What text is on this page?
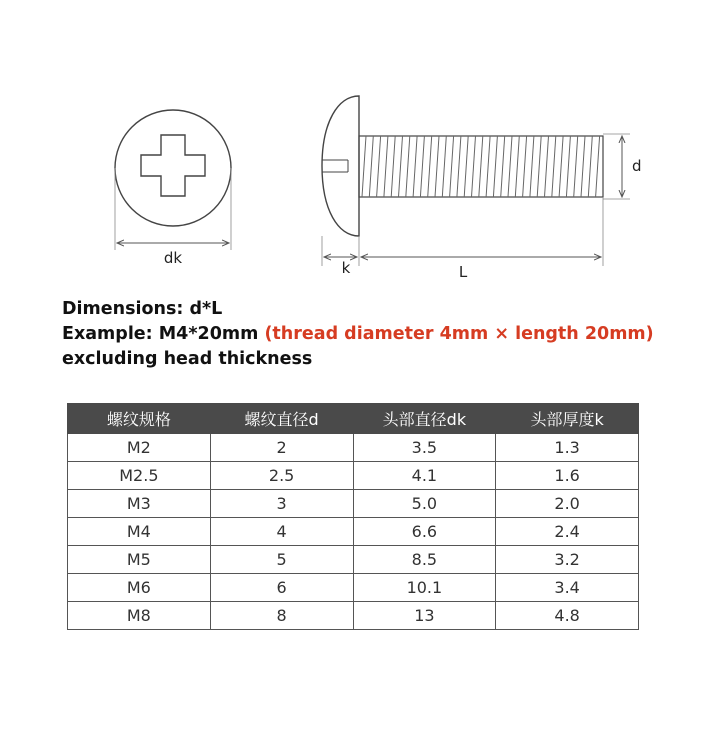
dk
k	L
d
Dimensions: d*L
Example: M4*20mm (thread diameter 4mm × length 20mm)
excluding head thickness
螺纹规格	螺纹直径d	头部直径dk	头部厚度k
M2	2	3.5	1.3
M2.5	2.5	4.1	1.6
M3	3	5.0	2.0
M4	4	6.6	2.4
M5	5	8.5	3.2
M6	6	10.1	3.4
M8	8	13	4.8
